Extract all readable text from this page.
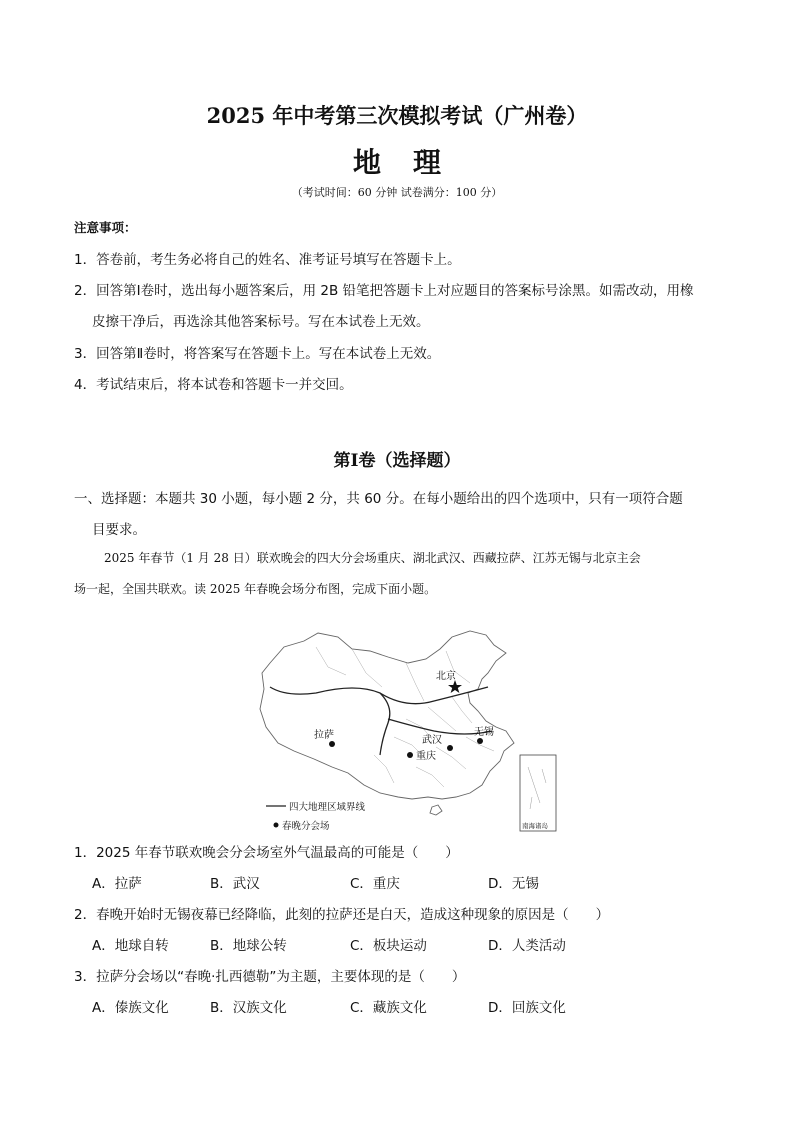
2025 年中考第三次模拟考试（广州卷）
地理
（考试时间：60 分钟 试卷满分：100 分）
注意事项：
1．答卷前，考生务必将自己的姓名、准考证号填写在答题卡上。
2．回答第Ⅰ卷时，选出每小题答案后，用 2B 铅笔把答题卡上对应题目的答案标号涂黑。如需改动，用橡
皮擦干净后，再选涂其他答案标号。写在本试卷上无效。
3．回答第Ⅱ卷时，将答案写在答题卡上。写在本试卷上无效。
4．考试结束后，将本试卷和答题卡一并交回。
第Ⅰ卷（选择题）
一、选择题：本题共 30 小题，每小题 2 分，共 60 分。在每小题给出的四个选项中，只有一项符合题
目要求。
2025 年春节（1 月 28 日）联欢晚会的四大分会场重庆、湖北武汉、西藏拉萨、江苏无锡与北京主会
场一起，全国共联欢。读 2025 年春晚会场分布图，完成下面小题。
北京
拉萨	武汉
重庆
无锡
南海诸岛
四大地理区域界线
春晚分会场
1．2025 年春节联欢晚会分会场室外气温最高的可能是（　　）
A．拉萨	B．武汉	C．重庆	D．无锡
2．春晚开始时无锡夜幕已经降临，此刻的拉萨还是白天，造成这种现象的原因是（　　）
A．地球自转	B．地球公转	C．板块运动	D．人类活动
3．拉萨分会场以“春晚·扎西德勒”为主题，主要体现的是（　　）
A．傣族文化	B．汉族文化	C．藏族文化	D．回族文化
